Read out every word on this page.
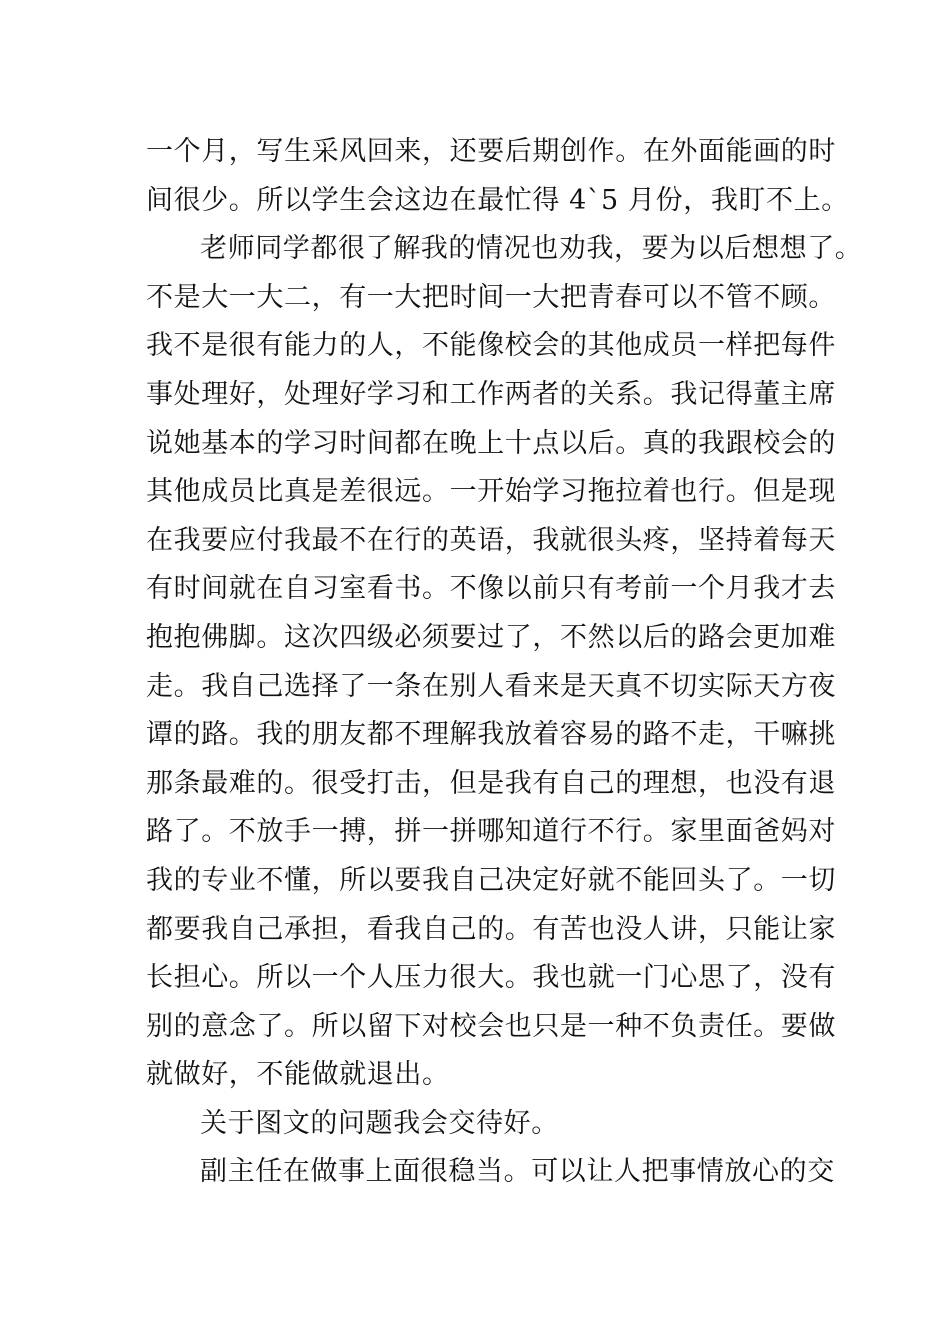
一个月，写生采风回来，还要后期创作。在外面能画的时
间很少。所以学生会这边在最忙得 4`5 月份，我盯不上。
老师同学都很了解我的情况也劝我，要为以后想想了。
不是大一大二，有一大把时间一大把青春可以不管不顾。
我不是很有能力的人，不能像校会的其他成员一样把每件
事处理好，处理好学习和工作两者的关系。我记得董主席
说她基本的学习时间都在晚上十点以后。真的我跟校会的
其他成员比真是差很远。一开始学习拖拉着也行。但是现
在我要应付我最不在行的英语，我就很头疼，坚持着每天
有时间就在自习室看书。不像以前只有考前一个月我才去
抱抱佛脚。这次四级必须要过了，不然以后的路会更加难
走。我自己选择了一条在别人看来是天真不切实际天方夜
谭的路。我的朋友都不理解我放着容易的路不走，干嘛挑
那条最难的。很受打击，但是我有自己的理想，也没有退
路了。不放手一搏，拼一拼哪知道行不行。家里面爸妈对
我的专业不懂，所以要我自己决定好就不能回头了。一切
都要我自己承担，看我自己的。有苦也没人讲，只能让家
长担心。所以一个人压力很大。我也就一门心思了，没有
别的意念了。所以留下对校会也只是一种不负责任。要做
就做好，不能做就退出。
关于图文的问题我会交待好。
副主任在做事上面很稳当。可以让人把事情放心的交
